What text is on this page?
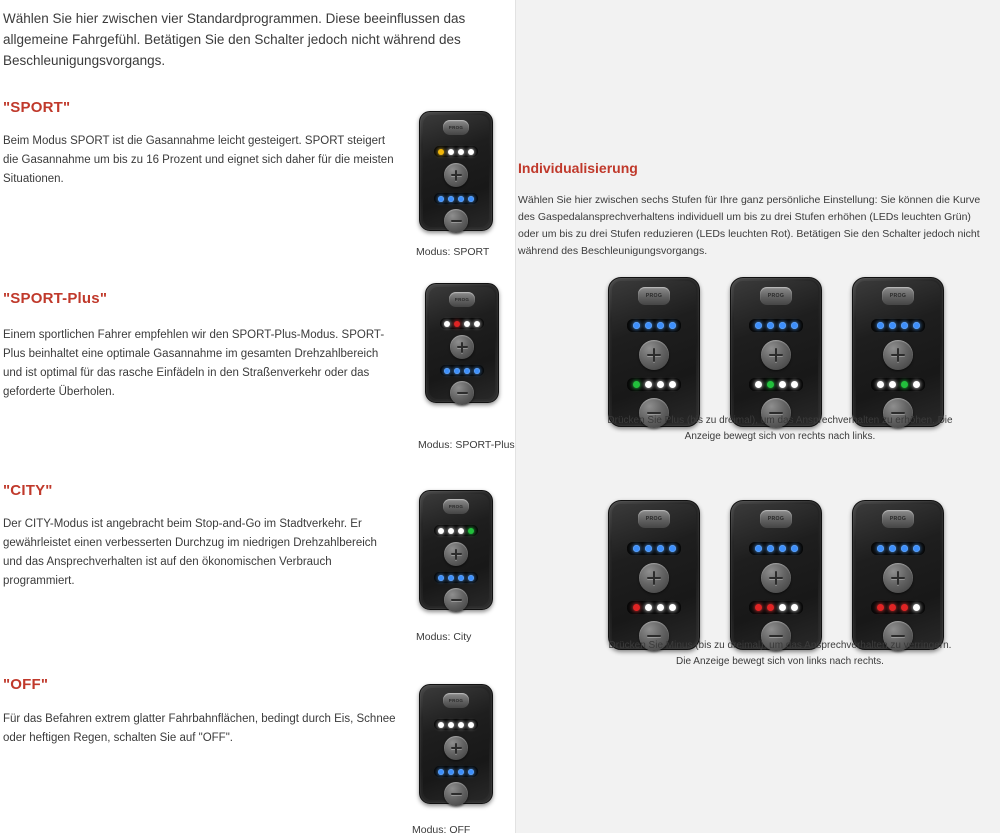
Wählen Sie hier zwischen vier Standardprogrammen. Diese beeinflussen das allgemeine Fahrgefühl. Betätigen Sie den Schalter jedoch nicht während des Beschleunigungsvorgangs.
"SPORT"
Beim Modus SPORT ist die Gasannahme leicht gesteigert. SPORT steigert die Gasannahme um bis zu 16 Prozent und eignet sich daher für die meisten Situationen.
PROG
Modus: SPORT
"SPORT-Plus"
Einem sportlichen Fahrer empfehlen wir den SPORT-Plus-Modus. SPORT-Plus beinhaltet eine optimale Gasannahme im gesamten Drehzahlbereich und ist optimal für das rasche Einfädeln in den Straßenverkehr oder das geforderte Überholen.
PROG
Modus: SPORT-Plus
"CITY"
Der CITY-Modus ist angebracht beim Stop-and-Go im Stadtverkehr. Er gewährleistet einen verbesserten Durchzug im niedrigen Drehzahlbereich und das Ansprechverhalten ist auf den ökonomischen Verbrauch programmiert.
PROG
Modus: City
"OFF"
Für das Befahren extrem glatter Fahrbahnflächen, bedingt durch Eis, Schnee oder heftigen Regen, schalten Sie auf "OFF".
PROG
Modus: OFF
Individualisierung
Wählen Sie hier zwischen sechs Stufen für Ihre ganz persönliche Einstellung: Sie können die Kurve des Gaspedalansprechverhaltens individuell um bis zu drei Stufen erhöhen (LEDs leuchten Grün) oder um bis zu drei Stufen reduzieren (LEDs leuchten Rot). Betätigen Sie den Schalter jedoch nicht während des Beschleunigungsvorgangs.
PROG	PROG	PROG
Drücken Sie Plus (bis zu dreimal), um das Ansprechverhalten zu erhöhen. Die Anzeige bewegt sich von rechts nach links.
PROG	PROG	PROG
Drücken Sie Minus (bis zu dreimal), um das Ansprechverhalten zu verringern. Die Anzeige bewegt sich von links nach rechts.
